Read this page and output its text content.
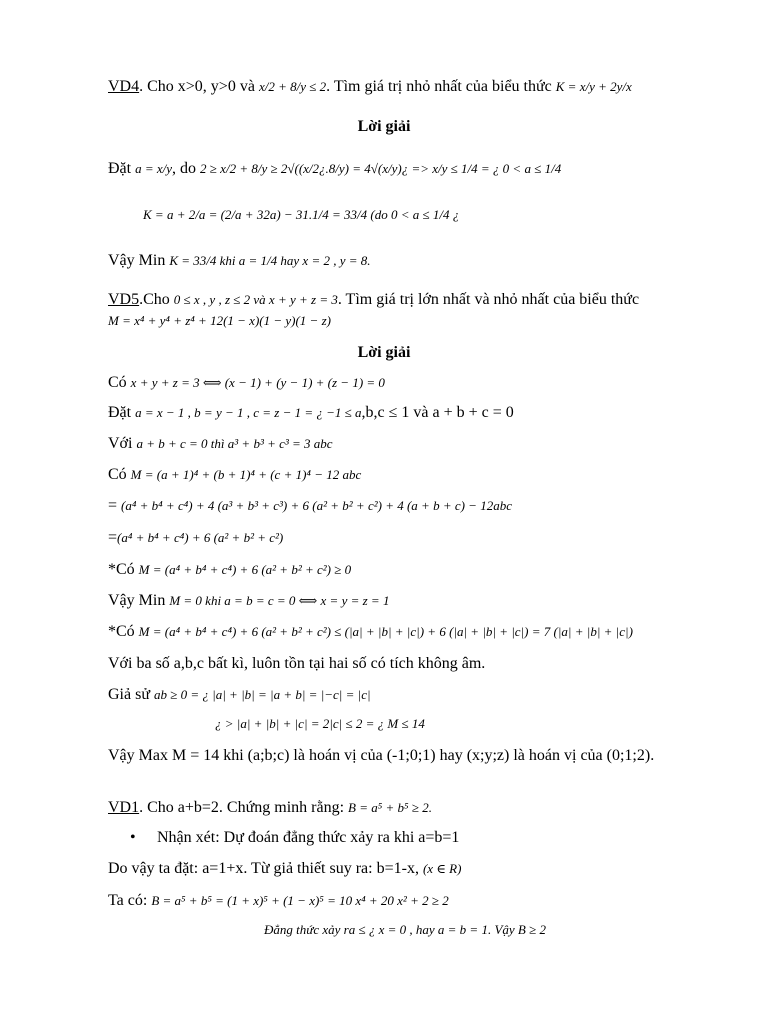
VD4. Cho x>0, y>0 và x/2 + 8/y ≤ 2. Tìm giá trị nhỏ nhất của biểu thức K = x/y + 2y/x
Lời giải
Đặt a = x/y, do 2 ≥ x/2 + 8/y ≥ 2√((x/2¿.8/y) = 4√(x/y)¿ => x/y ≤ 1/4 = ¿ 0 < a ≤ 1/4
K = a + 2/a = (2/a + 32a) − 31.1/4 = 33/4 (do 0 < a ≤ 1/4 ¿
Vậy Min K = 33/4 khi a = 1/4 hay x = 2 , y = 8.
VD5.Cho 0 ≤ x , y , z ≤ 2 và x + y + z = 3. Tìm giá trị lớn nhất và nhỏ nhất của biểu thức
M = x⁴ + y⁴ + z⁴ + 12(1 − x)(1 − y)(1 − z)
Lời giải
Có x + y + z = 3 ⟺ (x − 1) + (y − 1) + (z − 1) = 0
Đặt a = x − 1 , b = y − 1 , c = z − 1 = ¿ −1 ≤ a,b,c ≤ 1 và a + b + c = 0
Với a + b + c = 0 thì a³ + b³ + c³ = 3 abc
Có M = (a + 1)⁴ + (b + 1)⁴ + (c + 1)⁴ − 12 abc
= (a⁴ + b⁴ + c⁴) + 4 (a³ + b³ + c³) + 6 (a² + b² + c²) + 4 (a + b + c) − 12abc
=(a⁴ + b⁴ + c⁴) + 6 (a² + b² + c²)
*Có M = (a⁴ + b⁴ + c⁴) + 6 (a² + b² + c²) ≥ 0
Vậy Min M = 0 khi a = b = c = 0 ⟺ x = y = z = 1
*Có M = (a⁴ + b⁴ + c⁴) + 6 (a² + b² + c²) ≤ (|a| + |b| + |c|) + 6 (|a| + |b| + |c|) = 7 (|a| + |b| + |c|)
Với ba số a,b,c bất kì, luôn tồn tại hai số có tích không âm.
Giả sử ab ≥ 0 = ¿ |a| + |b| = |a + b| = |−c| = |c|
¿ > |a| + |b| + |c| = 2|c| ≤ 2 = ¿ M ≤ 14
Vậy Max M = 14 khi (a;b;c) là hoán vị của (-1;0;1) hay (x;y;z) là hoán vị của (0;1;2).
VD1. Cho a+b=2. Chứng minh rằng: B = a⁵ + b⁵ ≥ 2.
• Nhận xét: Dự đoán đẳng thức xảy ra khi a=b=1
Do vậy ta đặt: a=1+x. Từ giả thiết suy ra: b=1-x, (x ∈ R)
Ta có: B = a⁵ + b⁵ = (1 + x)⁵ + (1 − x)⁵ = 10 x⁴ + 20 x² + 2 ≥ 2
Đẳng thức xảy ra ≤ ¿ x = 0 , hay a = b = 1. Vậy B ≥ 2
